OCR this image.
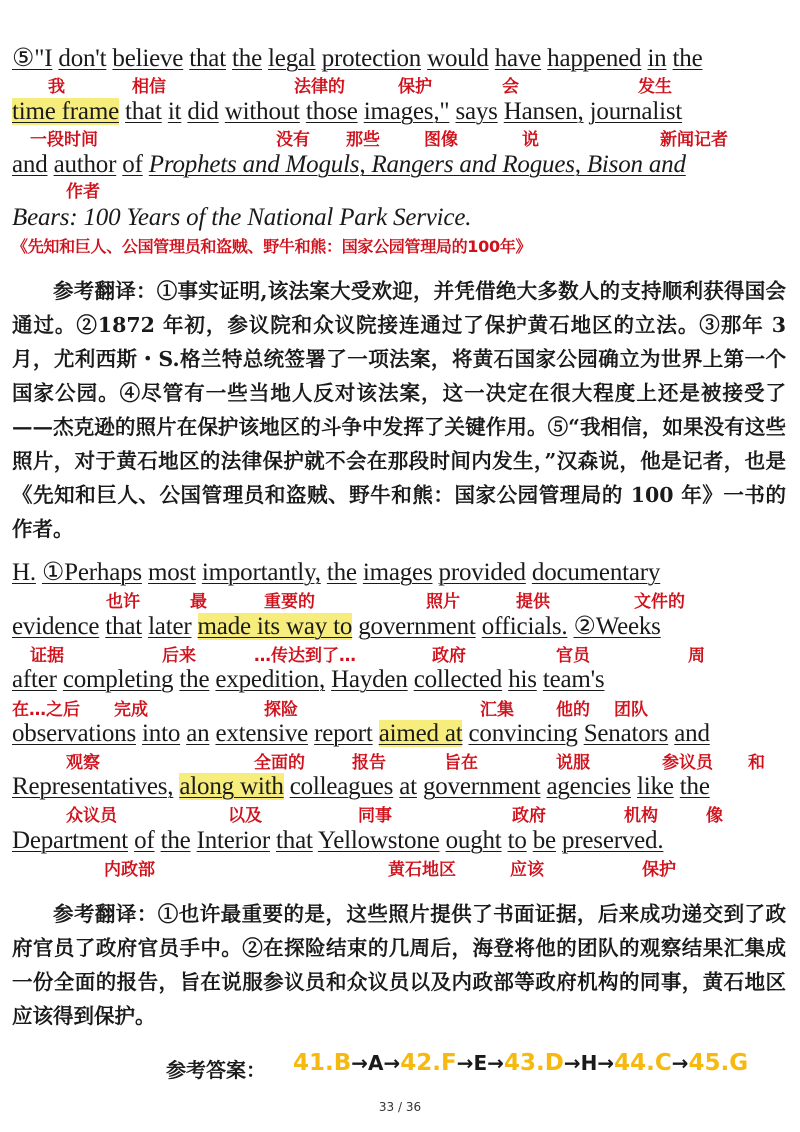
⑤"I don't believe that the legal protection would have happened in the
我	相信	法律的	保护	会	发生
time frame that it did without those images," says Hansen, journalist
一段时间	没有 那些	图像	说	新闻记者
and author of Prophets and Moguls, Rangers and Rogues, Bison and
作者
Bears: 100 Years of the National Park Service.
《先知和巨人、公国管理员和盗贼、野牛和熊：国家公园管理局的100年》
参考翻译：①事实证明,该法案大受欢迎，并凭借绝大多数人的支持顺利获得国会通过。②1872 年初，参议院和众议院接连通过了保护黄石地区的立法。③那年 3 月，尤利西斯・S.格兰特总统签署了一项法案，将黄石国家公园确立为世界上第一个国家公园。④尽管有一些当地人反对该法案，这一决定在很大程度上还是被接受了——杰克逊的照片在保护该地区的斗争中发挥了关键作用。⑤“我相信，如果没有这些照片，对于黄石地区的法律保护就不会在那段时间内发生，”汉森说，他是记者，也是《先知和巨人、公国管理员和盗贼、野牛和熊：国家公园管理局的 100 年》一书的作者。
H. ①Perhaps most importantly, the images provided documentary
也许	最	重要的	照片	提供	文件的
evidence that later made its way to government officials. ②Weeks
证据	后来	…传达到了…	政府	官员	周
after completing the expedition, Hayden collected his team's
在…之后 完成	探险	汇集 他的 团队
observations into an extensive report aimed at convincing Senators and
观察	全面的	报告	旨在	说服	参议员 和
Representatives, along with colleagues at government agencies like the
众议员	以及	同事	政府	机构	像
Department of the Interior that Yellowstone ought to be preserved.
内政部	黄石地区	应该	保护
参考翻译：①也许最重要的是，这些照片提供了书面证据，后来成功递交到了政府官员了政府官员手中。②在探险结束的几周后，海登将他的团队的观察结果汇集成一份全面的报告，旨在说服参议员和众议员以及内政部等政府机构的同事，黄石地区应该得到保护。
参考答案： 41.B→A→42.F→E→43.D→H→44.C→45.G
33 / 36
